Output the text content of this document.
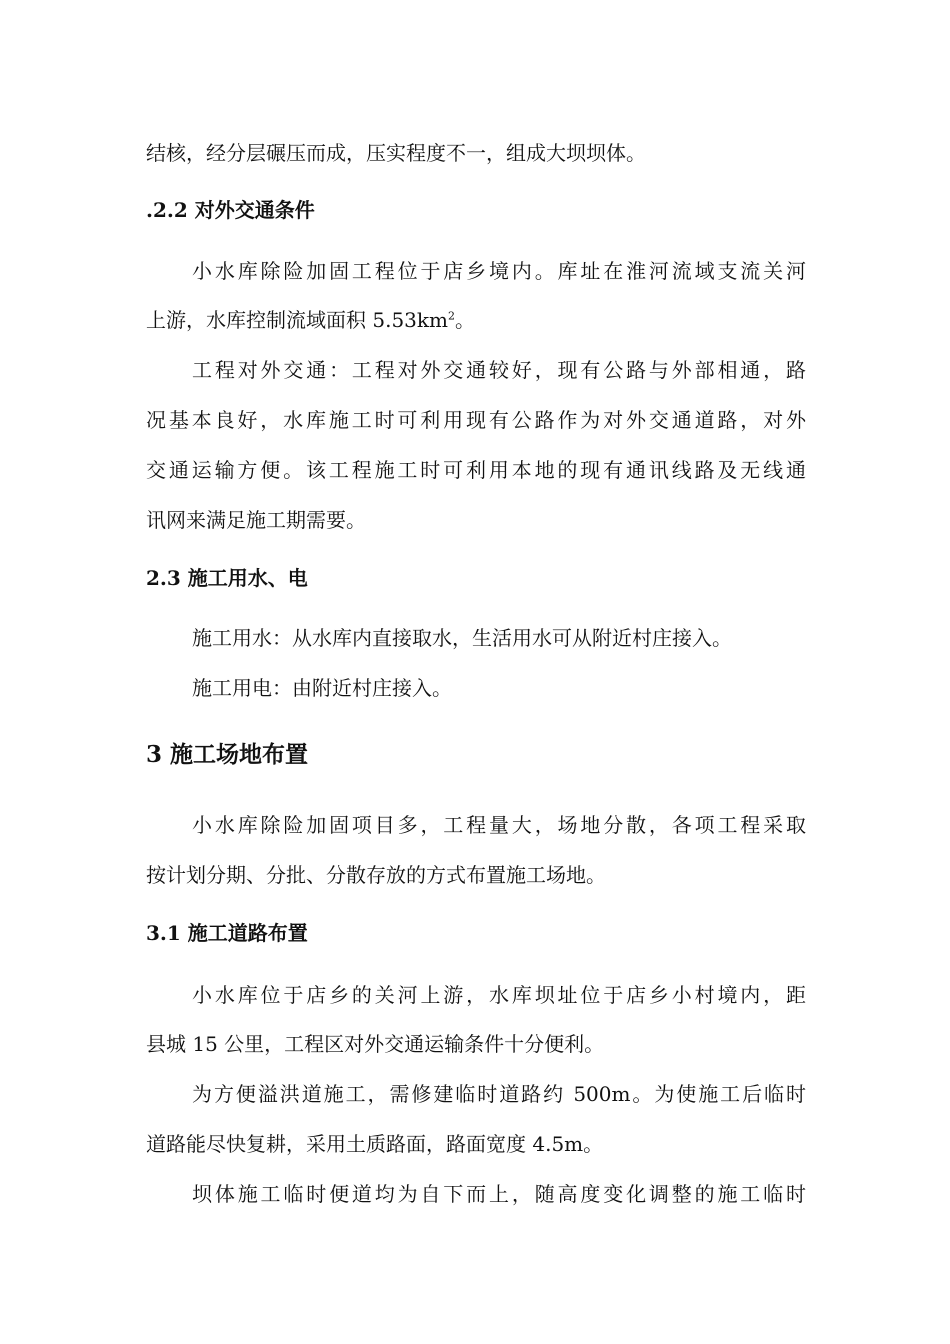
结核，经分层碾压而成，压实程度不一，组成大坝坝体。
.2.2 对外交通条件
小水库除险加固工程位于店乡境内。库址在淮河流域支流关河
上游，水库控制流域面积 $5.53km^2$。
工程对外交通：工程对外交通较好，现有公路与外部相通，路
况基本良好，水库施工时可利用现有公路作为对外交通道路，对外
交通运输方便。该工程施工时可利用本地的现有通讯线路及无线通
讯网来满足施工期需要。
2.3 施工用水、电
施工用水：从水库内直接取水，生活用水可从附近村庄接入。
施工用电：由附近村庄接入。
3 施工场地布置
小水库除险加固项目多，工程量大，场地分散，各项工程采取
按计划分期、分批、分散存放的方式布置施工场地。
3.1 施工道路布置
小水库位于店乡的关河上游，水库坝址位于店乡小村境内，距
县城 15 公里，工程区对外交通运输条件十分便利。
为方便溢洪道施工，需修建临时道路约 500m。为使施工后临时
道路能尽快复耕，采用土质路面，路面宽度 4.5m。
坝体施工临时便道均为自下而上，随高度变化调整的施工临时
